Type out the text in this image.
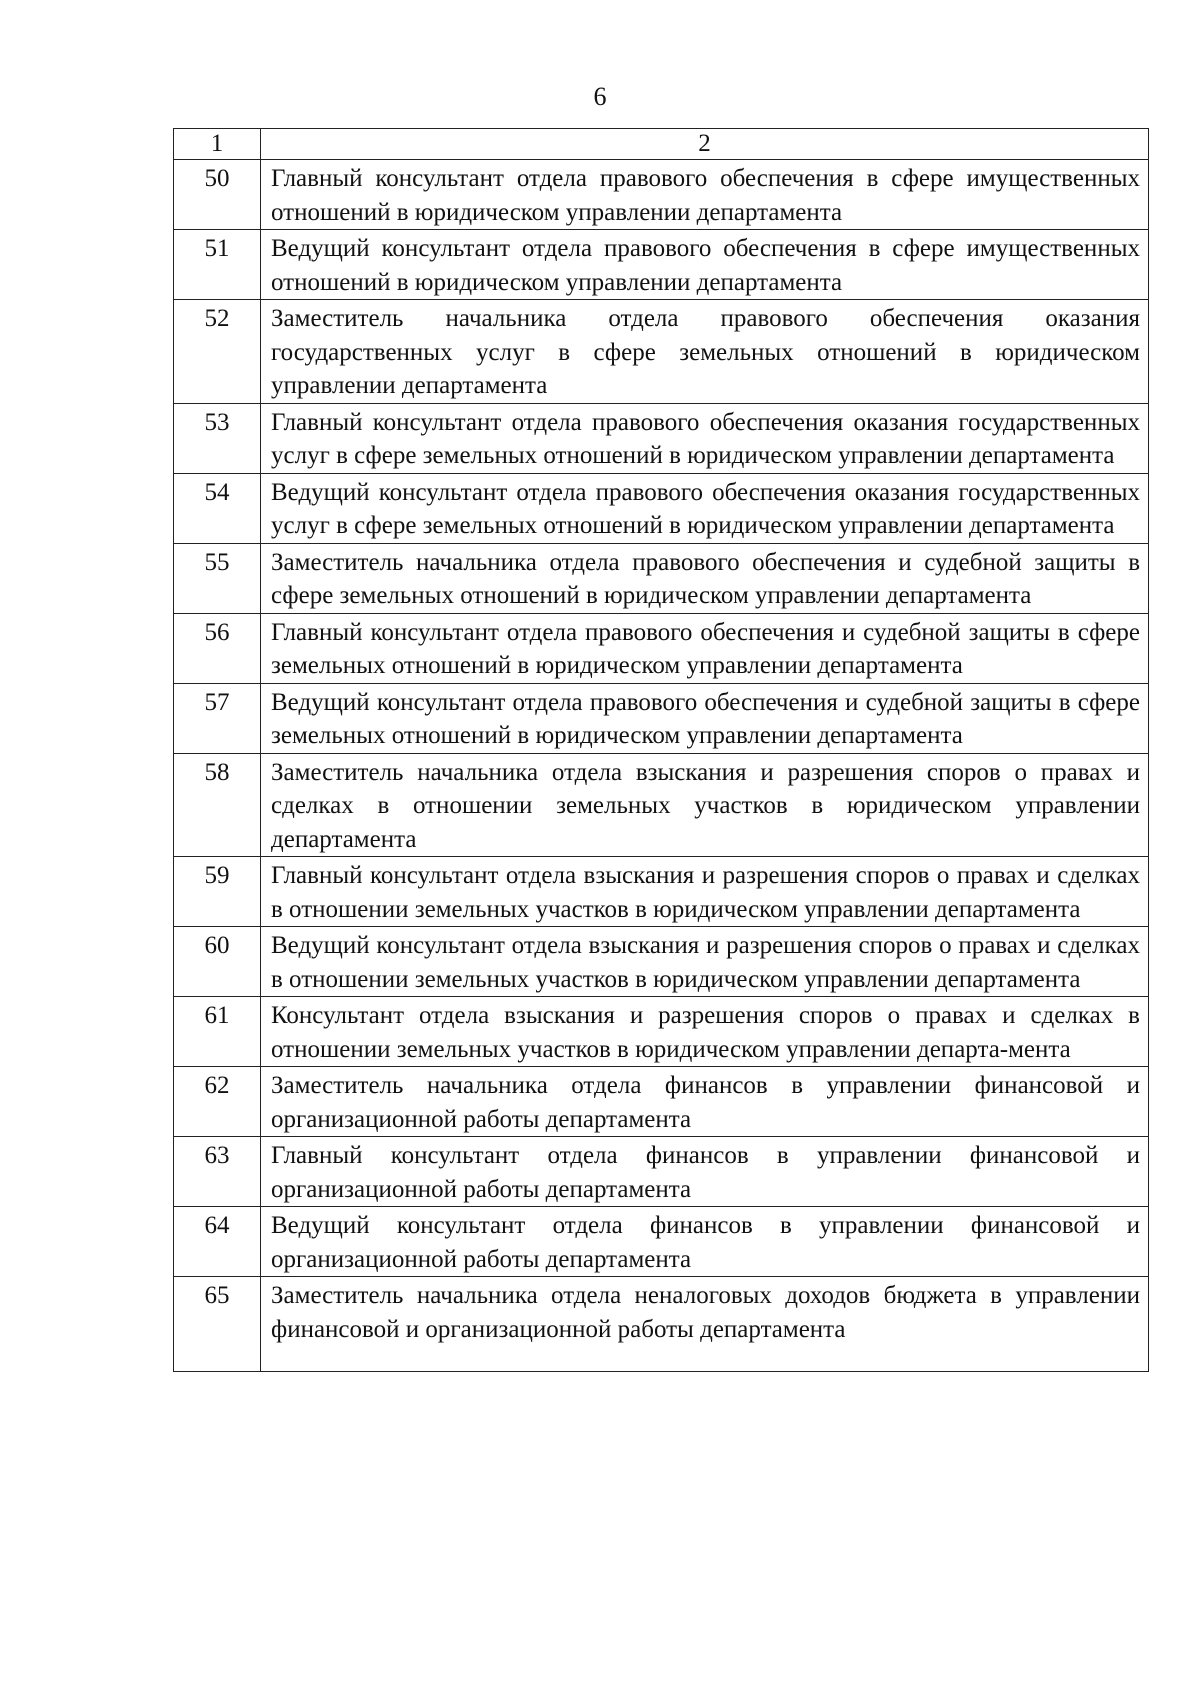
6
1	2
50	Главный консультант отдела правового обеспечения в сфере имущественных отношений в юридическом управлении департамента
51	Ведущий консультант отдела правового обеспечения в сфере имущественных отношений в юридическом управлении департамента
52	Заместитель начальника отдела правового обеспечения оказания государственных услуг в сфере земельных отношений в юридическом управлении департамента
53	Главный консультант отдела правового обеспечения оказания государственных услуг в сфере земельных отношений в юридическом управлении департамента
54	Ведущий консультант отдела правового обеспечения оказания государственных услуг в сфере земельных отношений в юридическом управлении департамента
55	Заместитель начальника отдела правового обеспечения и судебной защиты в сфере земельных отношений в юридическом управлении департамента
56	Главный консультант отдела правового обеспечения и судебной защиты в сфере земельных отношений в юридическом управлении департамента
57	Ведущий консультант отдела правового обеспечения и судебной защиты в сфере земельных отношений в юридическом управлении департамента
58	Заместитель начальника отдела взыскания и разрешения споров о правах и сделках в отношении земельных участков в юридическом управлении департамента
59	Главный консультант отдела взыскания и разрешения споров о правах и сделках в отношении земельных участков в юридическом управлении департамента
60	Ведущий консультант отдела взыскания и разрешения споров о правах и сделках в отношении земельных участков в юридическом управлении департамента
61	Консультант отдела взыскания и разрешения споров о правах и сделках в отношении земельных участков в юридическом управлении департа-мента
62	Заместитель начальника отдела финансов в управлении финансовой и организационной работы департамента
63	Главный консультант отдела финансов в управлении финансовой и организационной работы департамента
64	Ведущий консультант отдела финансов в управлении финансовой и организационной работы департамента
65	Заместитель начальника отдела неналоговых доходов бюджета в управлении финансовой и организационной работы департамента
